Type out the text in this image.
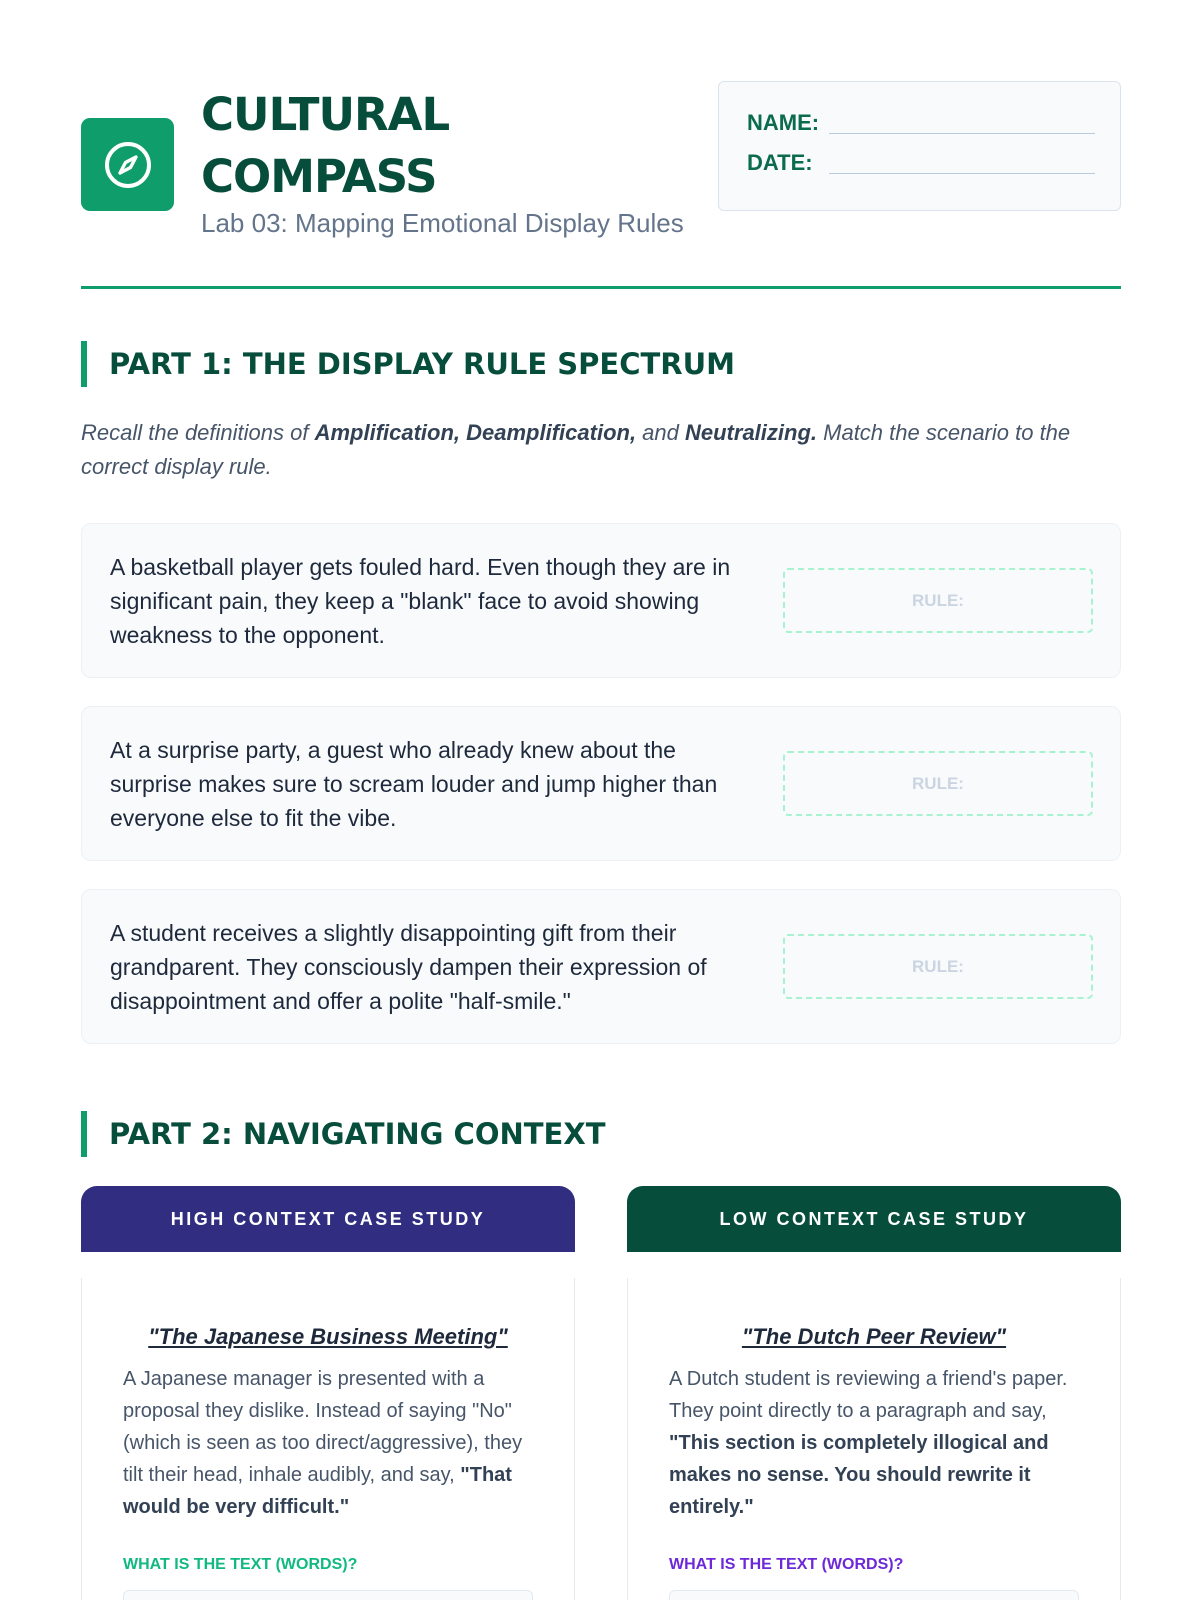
CULTURAL
COMPASS
Lab 03: Mapping Emotional Display Rules
NAME:
DATE:
PART 1: THE DISPLAY RULE SPECTRUM

Recall the definitions of Amplification, Deamplification, and Neutralizing. Match the scenario to the correct display rule.

A basketball player gets fouled hard. Even though they are in significant pain, they keep a "blank" face to avoid showing weakness to the opponent.
RULE:
At a surprise party, a guest who already knew about the surprise makes sure to scream louder and jump higher than everyone else to fit the vibe.
RULE:
A student receives a slightly disappointing gift from their grandparent. They consciously dampen their expression of disappointment and offer a polite "half-smile."
RULE:
PART 2: NAVIGATING CONTEXT
HIGH CONTEXT CASE STUDY
"The Japanese Business Meeting"

A Japanese manager is presented with a proposal they dislike. Instead of saying "No" (which is seen as too direct/aggressive), they tilt their head, inhale audibly, and say, "That would be very difficult."

WHAT IS THE TEXT (WORDS)?
LOW CONTEXT CASE STUDY
"The Dutch Peer Review"

A Dutch student is reviewing a friend's paper. They point directly to a paragraph and say, "This section is completely illogical and makes no sense. You should rewrite it entirely."

WHAT IS THE TEXT (WORDS)?
